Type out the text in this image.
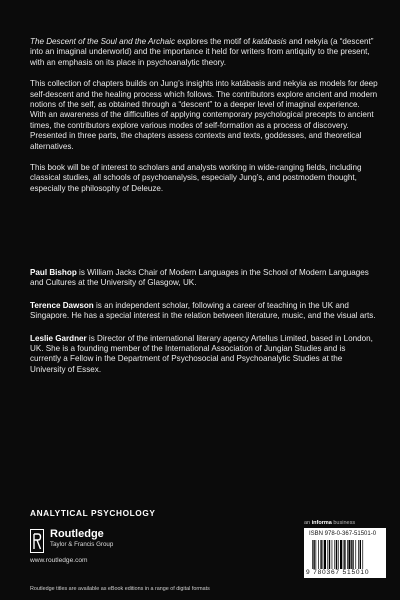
The Descent of the Soul and the Archaic explores the motif of katábasis and nekyia (a “descent” into an imaginal underworld) and the importance it held for writers from antiquity to the present, with an emphasis on its place in psychoanalytic theory.

This collection of chapters builds on Jung’s insights into katábasis and nekyia as models for deep self-descent and the healing process which follows. The contributors explore ancient and modern notions of the self, as obtained through a “descent” to a deeper level of imaginal experience. With an awareness of the difficulties of applying contemporary psychological precepts to ancient times, the contributors explore various modes of self-formation as a process of discovery. Presented in three parts, the chapters assess contexts and texts, goddesses, and theoretical alternatives.

This book will be of interest to scholars and analysts working in wide-ranging fields, including classical studies, all schools of psychoanalysis, especially Jung’s, and postmodern thought, especially the philosophy of Deleuze.

Paul Bishop is William Jacks Chair of Modern Languages in the School of Modern Languages and Cultures at the University of Glasgow, UK.

Terence Dawson is an independent scholar, following a career of teaching in the UK and Singapore. He has a special interest in the relation between literature, music, and the visual arts.

Leslie Gardner is Director of the international literary agency Artellus Limited, based in London, UK. She is a founding member of the International Association of Jungian Studies and is currently a Fellow in the Department of Psychosocial and Psychoanalytic Studies at the University of Essex.

ANALYTICAL PSYCHOLOGY
Routledge
Taylor & Francis Group
www.routledge.com
an informa business
ISBN 978-0-367-51501-0
9 780367 515010
Routledge titles are available as eBook editions in a range of digital formats
